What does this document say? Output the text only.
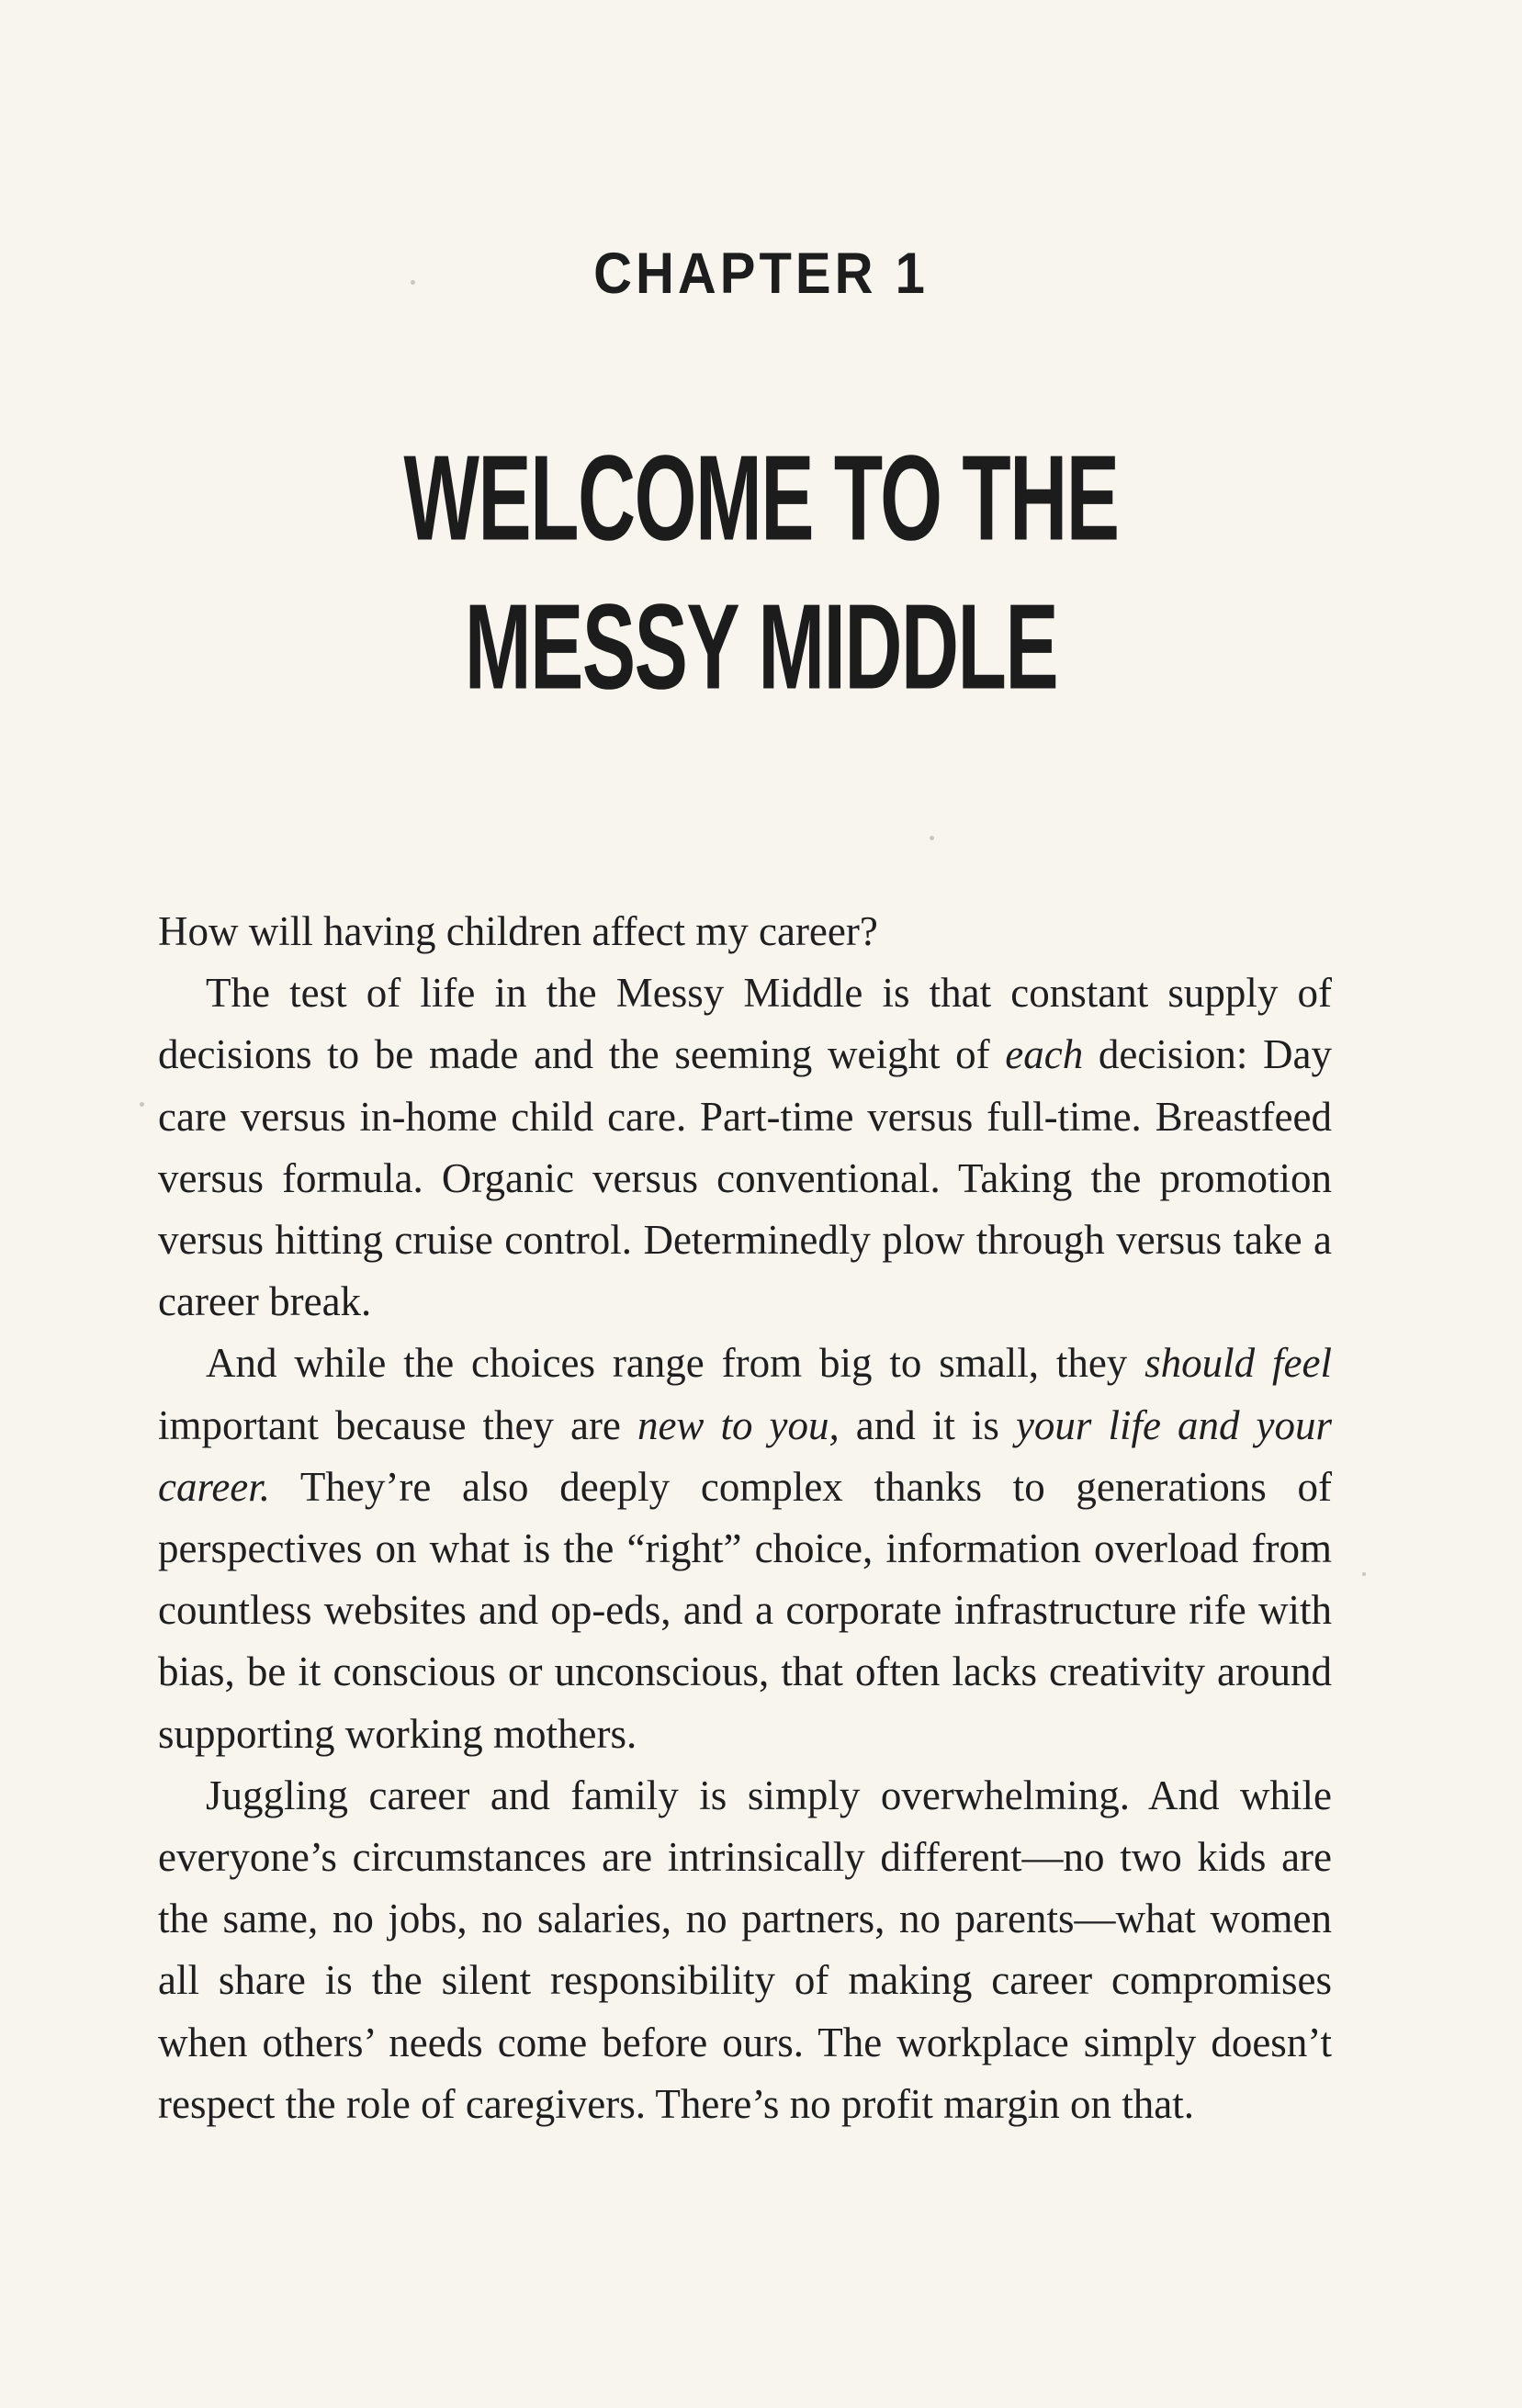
CHAPTER 1
WELCOME TO THE
MESSY MIDDLE

How will having children affect my career?

The test of life in the Messy Middle is that constant supply of decisions to be made and the seeming weight of each decision: Day care versus in-home child care. Part-time versus full-time. Breastfeed versus formula. Organic versus conventional. Taking the promotion versus hitting cruise control. Determinedly plow through versus take a career break.

And while the choices range from big to small, they should feel important because they are new to you, and it is your life and your career. They’re also deeply complex thanks to generations of perspectives on what is the “right” choice, information overload from countless websites and op-eds, and a corporate infrastructure rife with bias, be it conscious or unconscious, that often lacks creativity around supporting working mothers.

Juggling career and family is simply overwhelming. And while everyone’s circumstances are intrinsically different—no two kids are the same, no jobs, no salaries, no partners, no parents—what women all share is the silent responsibility of making career compromises when others’ needs come before ours. The workplace simply doesn’t respect the role of caregivers. There’s no profit margin on that.
